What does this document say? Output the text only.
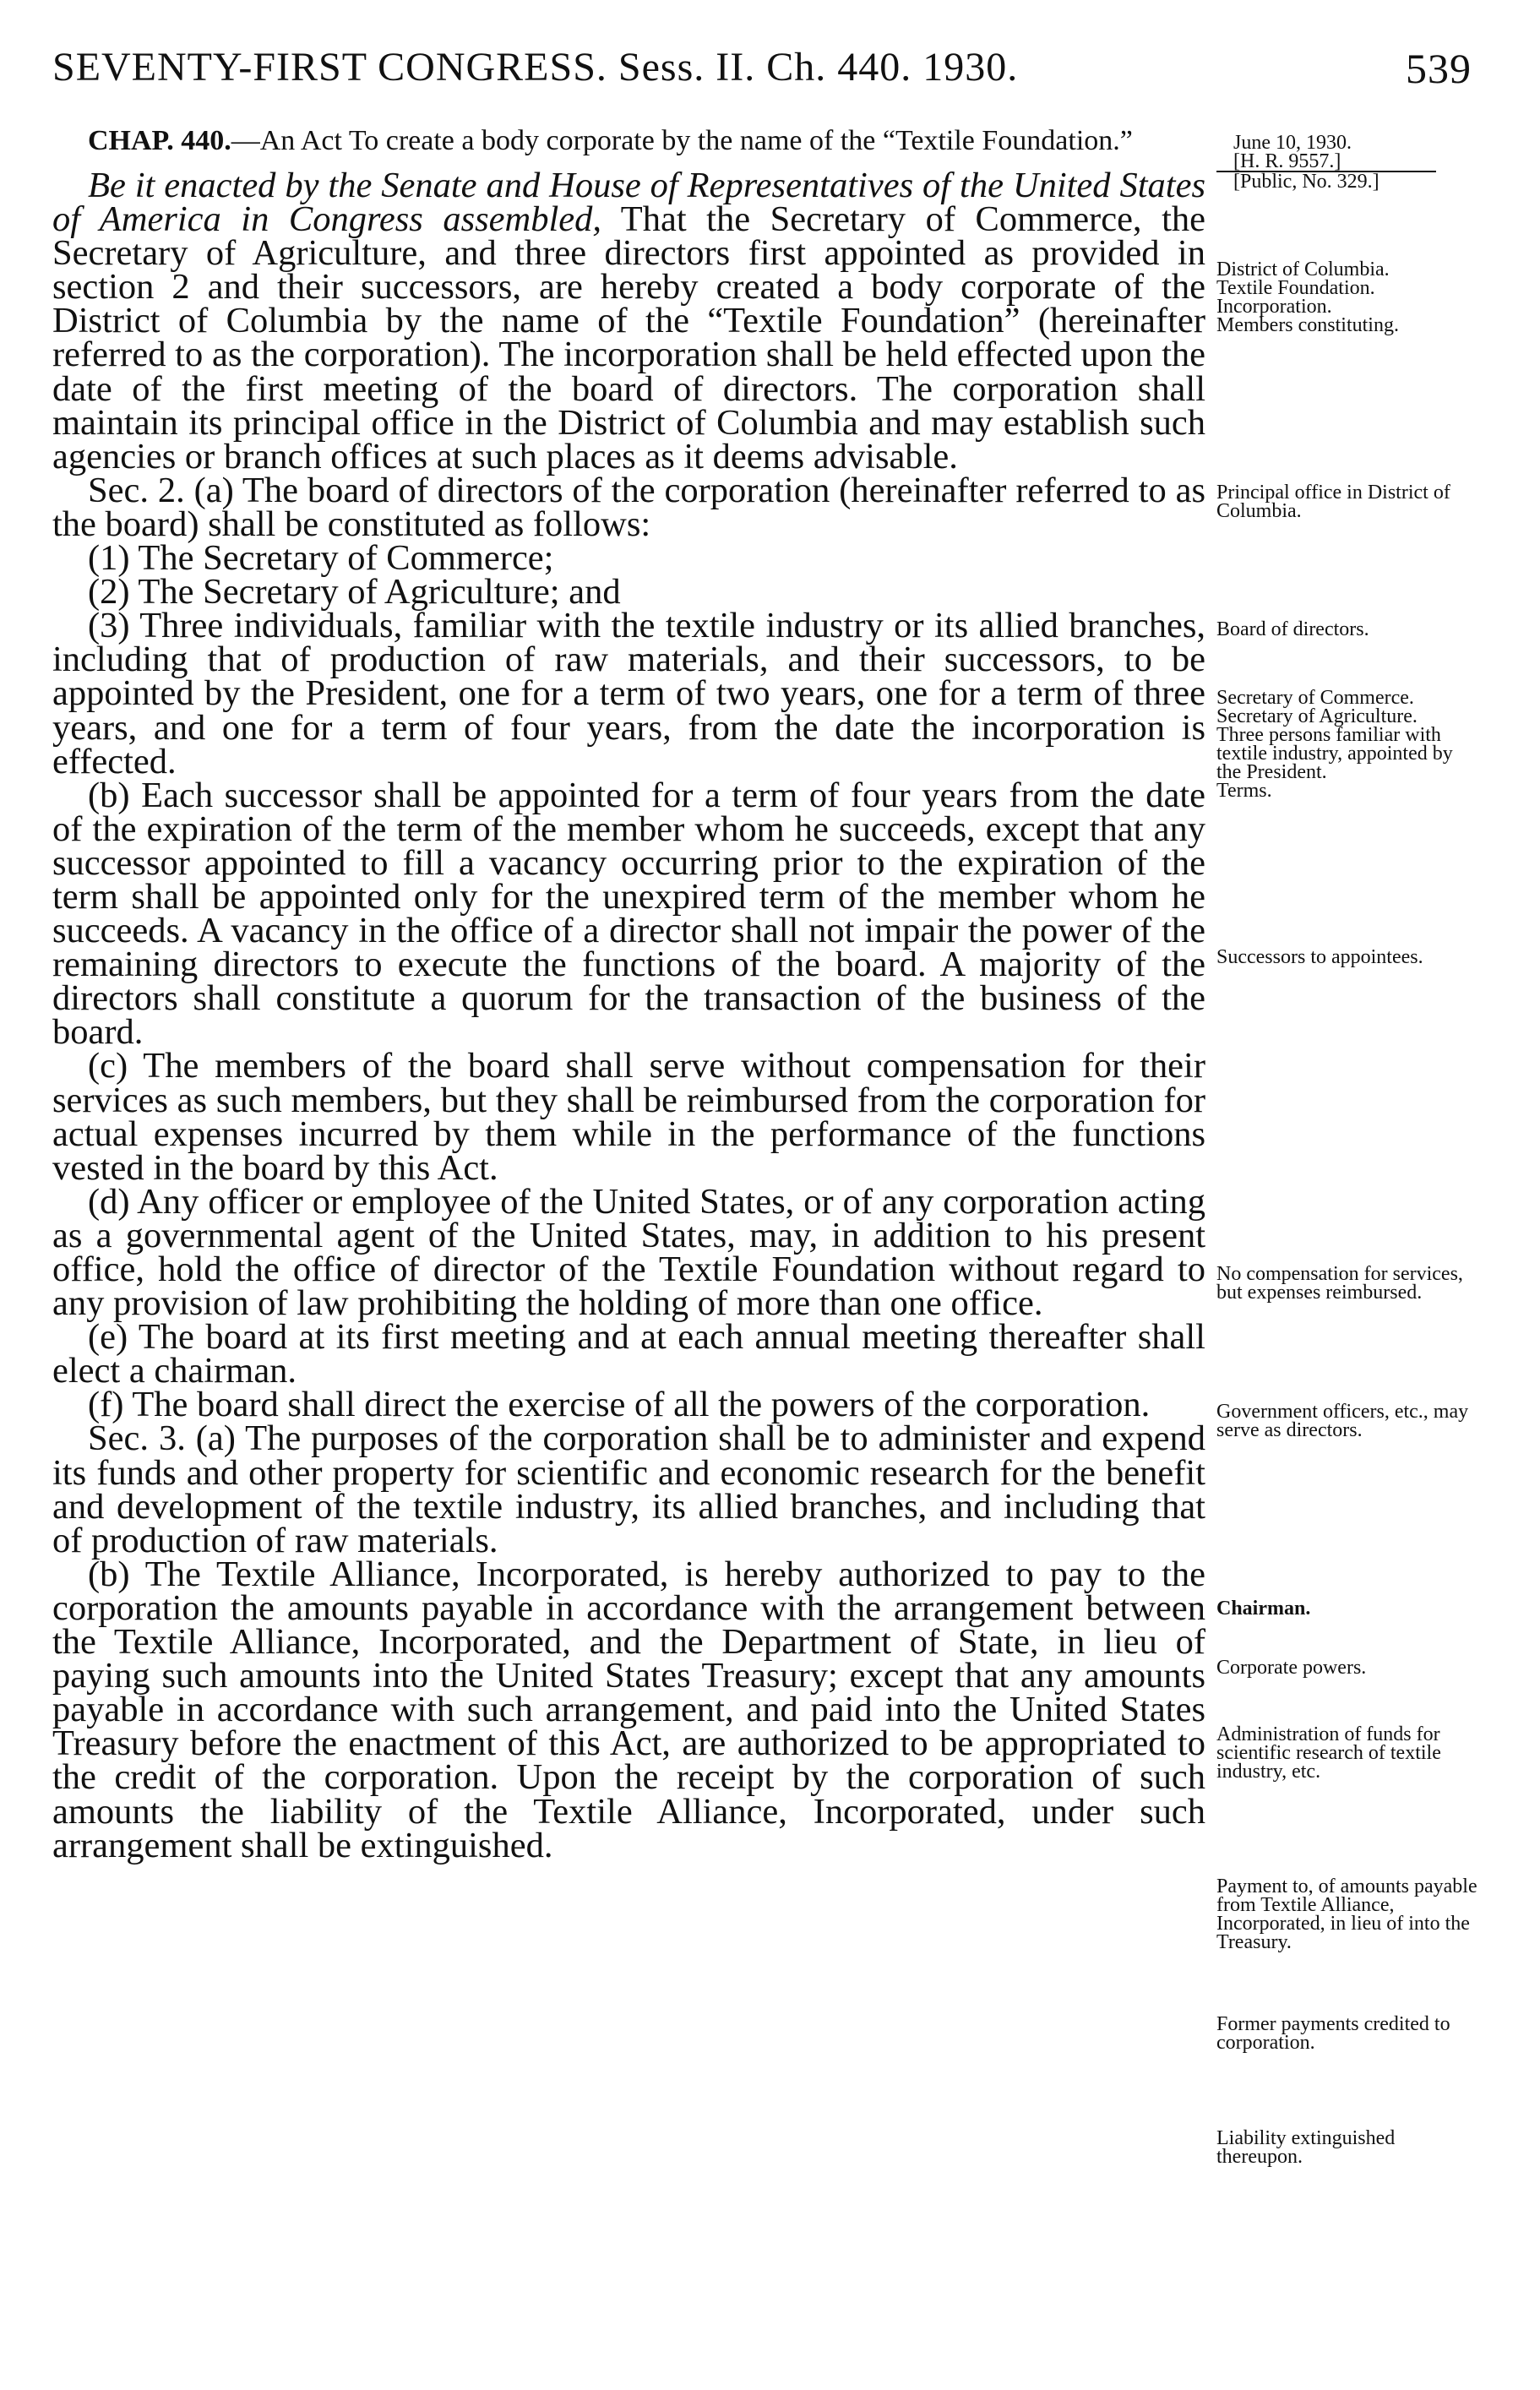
SEVENTY-FIRST CONGRESS. Sess. II. Ch. 440. 1930.	539

CHAP. 440.—An Act To create a body corporate by the name of the “Textile Foundation.”

Be it enacted by the Senate and House of Representatives of the United States of America in Congress assembled, That the Secretary of Commerce, the Secretary of Agriculture, and three directors first appointed as provided in section 2 and their successors, are hereby created a body corporate of the District of Columbia by the name of the “Textile Foundation” (hereinafter referred to as the corporation). The incorporation shall be held effected upon the date of the first meeting of the board of directors. The corporation shall maintain its principal office in the District of Columbia and may establish such agencies or branch offices at such places as it deems advisable.

Sec. 2. (a) The board of directors of the corporation (hereinafter referred to as the board) shall be constituted as follows:

(1) The Secretary of Commerce;

(2) The Secretary of Agriculture; and

(3) Three individuals, familiar with the textile industry or its allied branches, including that of production of raw materials, and their successors, to be appointed by the President, one for a term of two years, one for a term of three years, and one for a term of four years, from the date the incorporation is effected.

(b) Each successor shall be appointed for a term of four years from the date of the expiration of the term of the member whom he succeeds, except that any successor appointed to fill a vacancy occurring prior to the expiration of the term shall be appointed only for the unexpired term of the member whom he succeeds. A vacancy in the office of a director shall not impair the power of the remaining directors to execute the functions of the board. A majority of the directors shall constitute a quorum for the transaction of the business of the board.

(c) The members of the board shall serve without compensation for their services as such members, but they shall be reimbursed from the corporation for actual expenses incurred by them while in the performance of the functions vested in the board by this Act.

(d) Any officer or employee of the United States, or of any corporation acting as a governmental agent of the United States, may, in addition to his present office, hold the office of director of the Textile Foundation without regard to any provision of law prohibiting the holding of more than one office.

(e) The board at its first meeting and at each annual meeting thereafter shall elect a chairman.

(f) The board shall direct the exercise of all the powers of the corporation.

Sec. 3. (a) The purposes of the corporation shall be to administer and expend its funds and other property for scientific and economic research for the benefit and development of the textile industry, its allied branches, and including that of production of raw materials.

(b) The Textile Alliance, Incorporated, is hereby authorized to pay to the corporation the amounts payable in accordance with the arrangement between the Textile Alliance, Incorporated, and the Department of State, in lieu of paying such amounts into the United States Treasury; except that any amounts payable in accordance with such arrangement, and paid into the United States Treasury before the enactment of this Act, are authorized to be appropriated to the credit of the corporation. Upon the receipt by the corporation of such amounts the liability of the Textile Alliance, Incorporated, under such arrangement shall be extinguished.

June 10, 1930.
[H. R. 9557.]
[Public, No. 329.]
District of Columbia.
Textile Foundation.
Incorporation.
Members constituting.
Principal office in District of Columbia.
Board of directors.
Secretary of Commerce.
Secretary of Agriculture.
Three persons familiar with textile industry, appointed by the President.
Terms.
Successors to appointees.
No compensation for services, but expenses reimbursed.
Government officers, etc., may serve as directors.
Chairman.
Corporate powers.
Administration of funds for scientific research of textile industry, etc.
Payment to, of amounts payable from Textile Alliance, Incorporated, in lieu of into the Treasury.
Former payments credited to corporation.
Liability extinguished thereupon.
